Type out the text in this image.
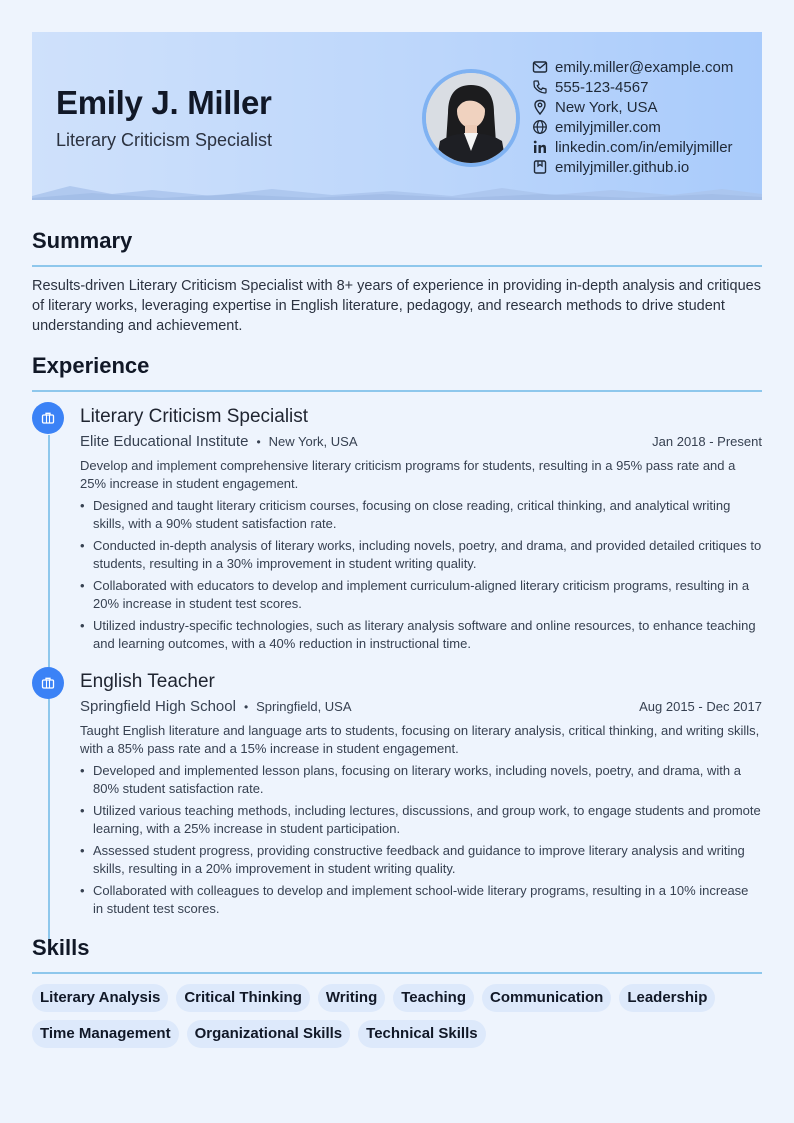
Emily J. Miller
Literary Criticism Specialist
emily.miller@example.com
555-123-4567
New York, USA
emilyjmiller.com
linkedin.com/in/emilyjmiller
emilyjmiller.github.io
Summary
Results-driven Literary Criticism Specialist with 8+ years of experience in providing in-depth analysis and critiques of literary works, leveraging expertise in English literature, pedagogy, and research methods to drive student understanding and achievement.
Experience
Literary Criticism Specialist
Elite Educational Institute • New York, USA	Jan 2018 - Present
Develop and implement comprehensive literary criticism programs for students, resulting in a 95% pass rate and a 25% increase in student engagement.
• Designed and taught literary criticism courses, focusing on close reading, critical thinking, and analytical writing skills, with a 90% student satisfaction rate.
• Conducted in-depth analysis of literary works, including novels, poetry, and drama, and provided detailed critiques to students, resulting in a 30% improvement in student writing quality.
• Collaborated with educators to develop and implement curriculum-aligned literary criticism programs, resulting in a 20% increase in student test scores.
• Utilized industry-specific technologies, such as literary analysis software and online resources, to enhance teaching and learning outcomes, with a 40% reduction in instructional time.
English Teacher
Springfield High School • Springfield, USA	Aug 2015 - Dec 2017
Taught English literature and language arts to students, focusing on literary analysis, critical thinking, and writing skills, with a 85% pass rate and a 15% increase in student engagement.
• Developed and implemented lesson plans, focusing on literary works, including novels, poetry, and drama, with a 80% student satisfaction rate.
• Utilized various teaching methods, including lectures, discussions, and group work, to engage students and promote learning, with a 25% increase in student participation.
• Assessed student progress, providing constructive feedback and guidance to improve literary analysis and writing skills, resulting in a 20% improvement in student writing quality.
• Collaborated with colleagues to develop and implement school-wide literary programs, resulting in a 10% increase in student test scores.
Skills
Literary Analysis	Critical Thinking	Writing	Teaching	Communication	Leadership
Time Management	Organizational Skills	Technical Skills
